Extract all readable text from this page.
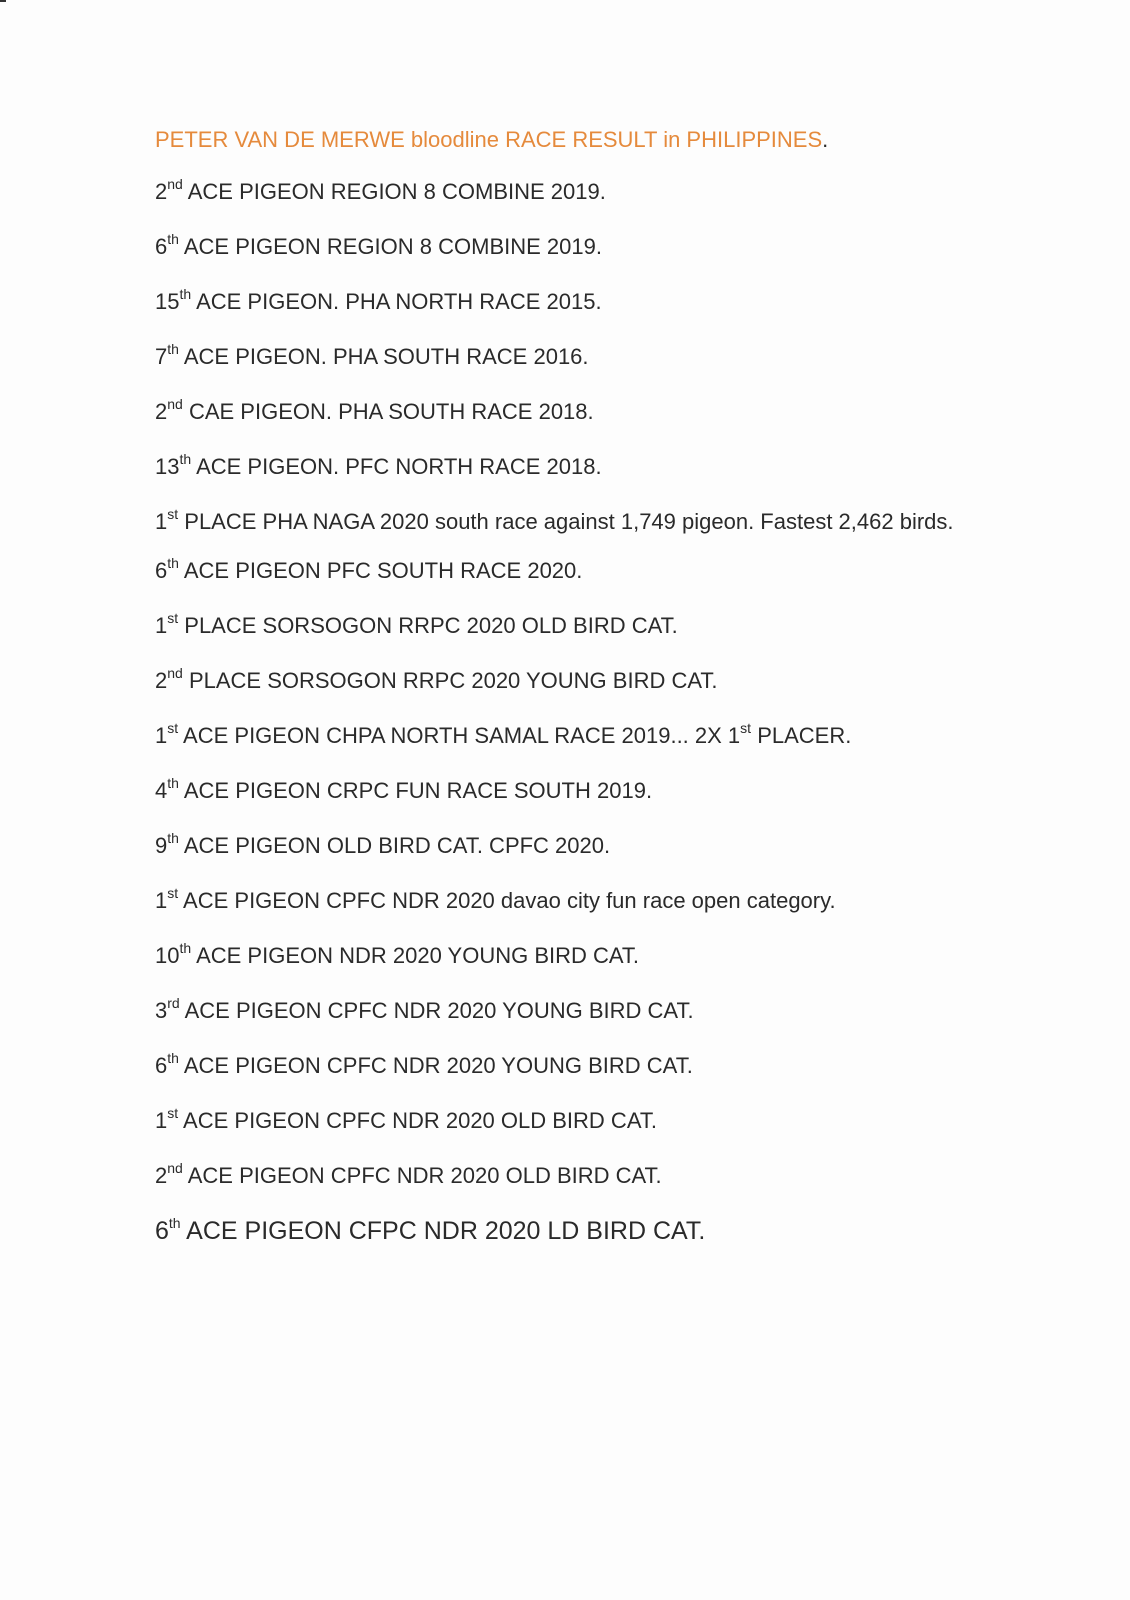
PETER VAN DE MERWE bloodline RACE RESULT in PHILIPPINES.
2nd ACE PIGEON REGION 8 COMBINE 2019.
6th ACE PIGEON REGION 8 COMBINE 2019.
15th ACE PIGEON. PHA NORTH RACE 2015.
7th ACE PIGEON. PHA SOUTH RACE 2016.
2nd CAE PIGEON. PHA SOUTH RACE 2018.
13th ACE PIGEON. PFC NORTH RACE 2018.
1st PLACE PHA NAGA 2020 south race against 1,749 pigeon. Fastest 2,462 birds.
6th ACE PIGEON PFC SOUTH RACE 2020.
1st PLACE SORSOGON RRPC 2020 OLD BIRD CAT.
2nd PLACE SORSOGON RRPC 2020 YOUNG BIRD CAT.
1st ACE PIGEON CHPA NORTH SAMAL RACE 2019... 2X 1st PLACER.
4th ACE PIGEON CRPC FUN RACE SOUTH 2019.
9th ACE PIGEON OLD BIRD CAT. CPFC 2020.
1st ACE PIGEON CPFC NDR 2020 davao city fun race open category.
10th ACE PIGEON NDR 2020 YOUNG BIRD CAT.
3rd ACE PIGEON CPFC NDR 2020 YOUNG BIRD CAT.
6th ACE PIGEON CPFC NDR 2020 YOUNG BIRD CAT.
1st ACE PIGEON CPFC NDR 2020 OLD BIRD CAT.
2nd ACE PIGEON CPFC NDR 2020 OLD BIRD CAT.
6th ACE PIGEON CFPC NDR 2020 LD BIRD CAT.
